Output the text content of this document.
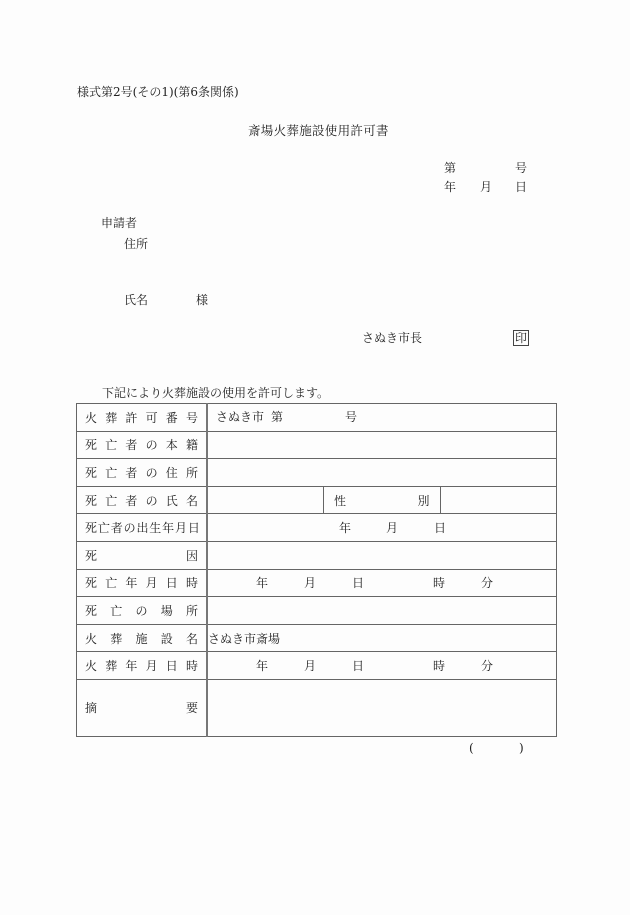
様式第2号(その1)(第6条関係)
斎場火葬施設使用許可書
第	号
年 月 日
申請者
住所
氏名	様
さぬき市長	印
下記により火葬施設の使用を許可します。
火 葬 許 可 番 号	さぬき市 第	号

死 亡 者 の 本 籍

死 亡 者 の 住 所

死 亡 者 の 氏 名		性	別

死 亡 者 の 出 生 年 月 日	年	月	日

死 因			

死 亡 年 月 日 時	年	月	日	時	分

死 亡 の 場 所			

火 葬 施 設 名	さぬき市斎場		

火 葬 年 月 日 時	年	月	日	時	分

摘 要			

(	)
